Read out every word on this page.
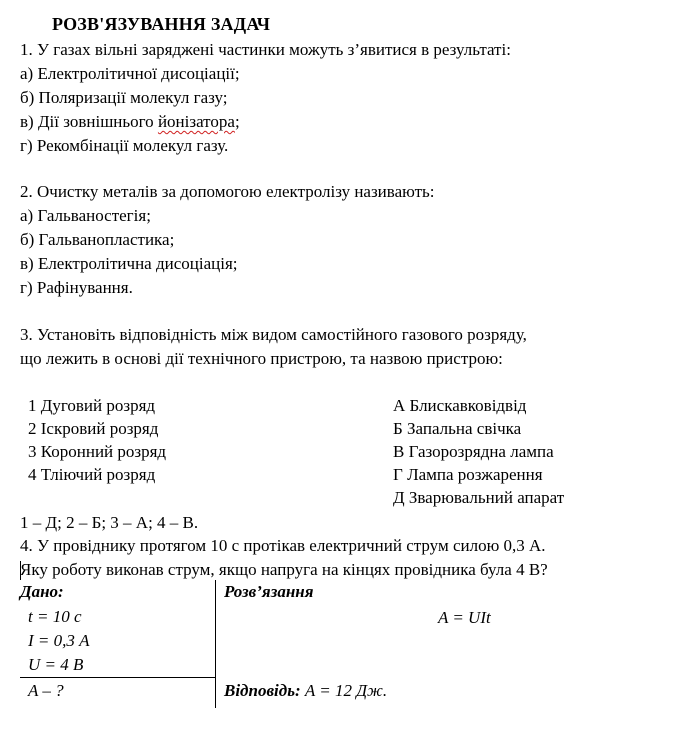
РОЗВ'ЯЗУВАННЯ ЗАДАЧ
1. У газах вільні заряджені частинки можуть з’явитися в результаті:
а) Електролітичної дисоціації;
б) Поляризації молекул газу;
в) Дії зовнішнього йонізатора;
г) Рекомбінації молекул газу.
2. Очистку металів за допомогою електролізу називають:
а) Гальваностегія;
б) Гальванопластика;
в) Електролітична дисоціація;
г) Рафінування.
3. Установіть відповідність між видом самостійного газового розряду,
що лежить в основі дії технічного пристрою, та назвою пристрою:
1 Дуговий розряд
2 Іскровий розряд
3 Коронний розряд
4 Тліючий розряд
А Блискавковідвід
Б Запальна свічка
В Газорозрядна лампа
Г Лампа розжарення
Д Зварювальний апарат
1 – Д; 2 – Б; 3 – А; 4 – В.
4. У провіднику протягом 10 с протікав електричний струм силою 0,3 А.
Яку роботу виконав струм, якщо напруга на кінцях провідника була 4 В?
Дано:
t = 10 с
I = 0,3 А
U = 4 В
A – ?
Розв’язання
A = UIt
Відповідь: A = 12 Дж.
